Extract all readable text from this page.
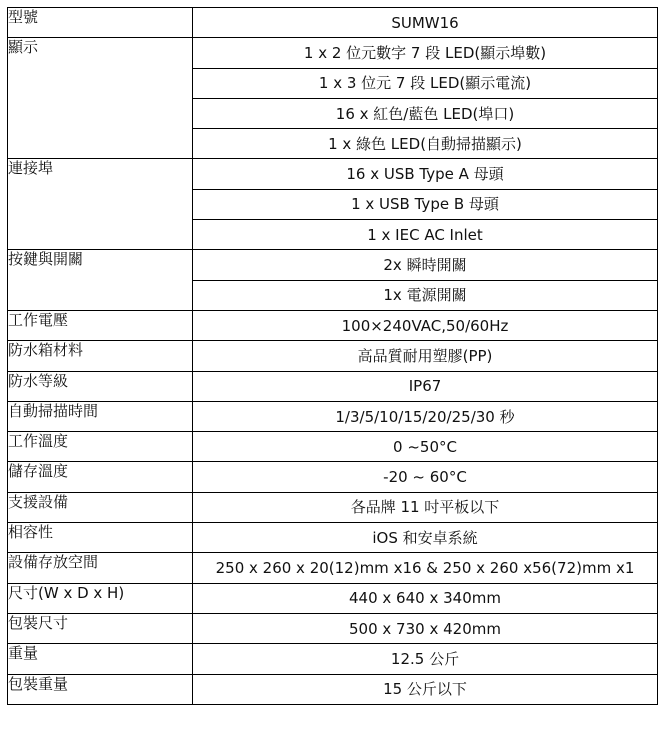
型號	SUMW16
顯示	1 x 2 位元數字 7 段 LED(顯示埠數)
	1 x 3 位元 7 段 LED(顯示電流)
	16 x 紅色/藍色 LED(埠口)
	1 x 綠色 LED(自動掃描顯示)
連接埠	16 x USB Type A 母頭
	1 x USB Type B 母頭
	1 x IEC AC Inlet
按鍵與開關	2x 瞬時開關
	1x 電源開關
工作電壓	100×240VAC,50/60Hz
防水箱材料	高品質耐用塑膠(PP)
防水等級	IP67
自動掃描時間	1/3/5/10/15/20/25/30 秒
工作溫度	0 ~50°C
儲存溫度	-20 ~ 60°C
支援設備	各品牌 11 吋平板以下
相容性	iOS 和安卓系統
設備存放空間	250 x 260 x 20(12)mm x16 & 250 x 260 x56(72)mm x1
尺寸(W x D x H)	440 x 640 x 340mm
包裝尺寸	500 x 730 x 420mm
重量	12.5 公斤
包裝重量	15 公斤以下
